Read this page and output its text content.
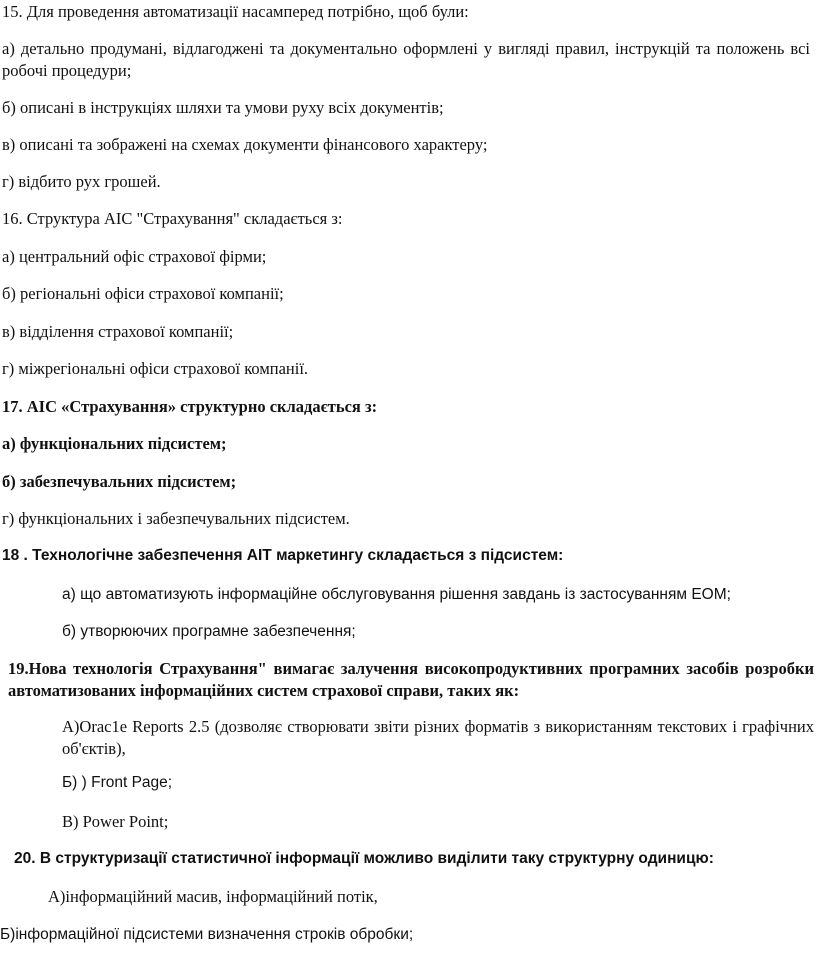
15. Для проведення автоматизації насамперед потрібно, щоб були:

а) детально продумані, відлагоджені та документально оформлені у вигляді правил, інструкцій та положень всі робочі процедури;

б) описані в інструкціях шляхи та умови руху всіх документів;

в) описані та зображені на схемах документи фінансового характеру;

г) відбито рух грошей.

16. Структура АІС "Страхування" складається з:

а) центральний офіс страхової фірми;

б) регіональні офіси страхової компанії;

в) відділення страхової компанії;

г) міжрегіональні офіси страхової компанії.

17. АІС «Страхування» структурно складається з:

а) функціональних підсистем;

б) забезпечувальних підсистем;

г) функціональних і забезпечувальних підсистем.

18 . Технологічне забезпечення АІТ маркетингу складається з підсистем:

а) що автоматизують інформаційне обслуговування рішення завдань із застосуванням ЕОМ;

б) утворюючих програмне забезпечення;

19.Нова технологія Страхування" вимагає залучення високопродуктивних програмних засобів розробки автоматизованих інформаційних систем страхової справи, таких як:

А)Orac1e Reports 2.5 (дозволяє створювати звіти різних форматів з використанням текстових і графічних об'єктів),

Б) ) Front Page;

В) Power Point;

20. В структуризації статистичної інформації можливо виділити таку структурну одиницю:

А)інформаційний масив, інформаційний потік,

Б)інформаційної підсистеми визначення строків обробки;
